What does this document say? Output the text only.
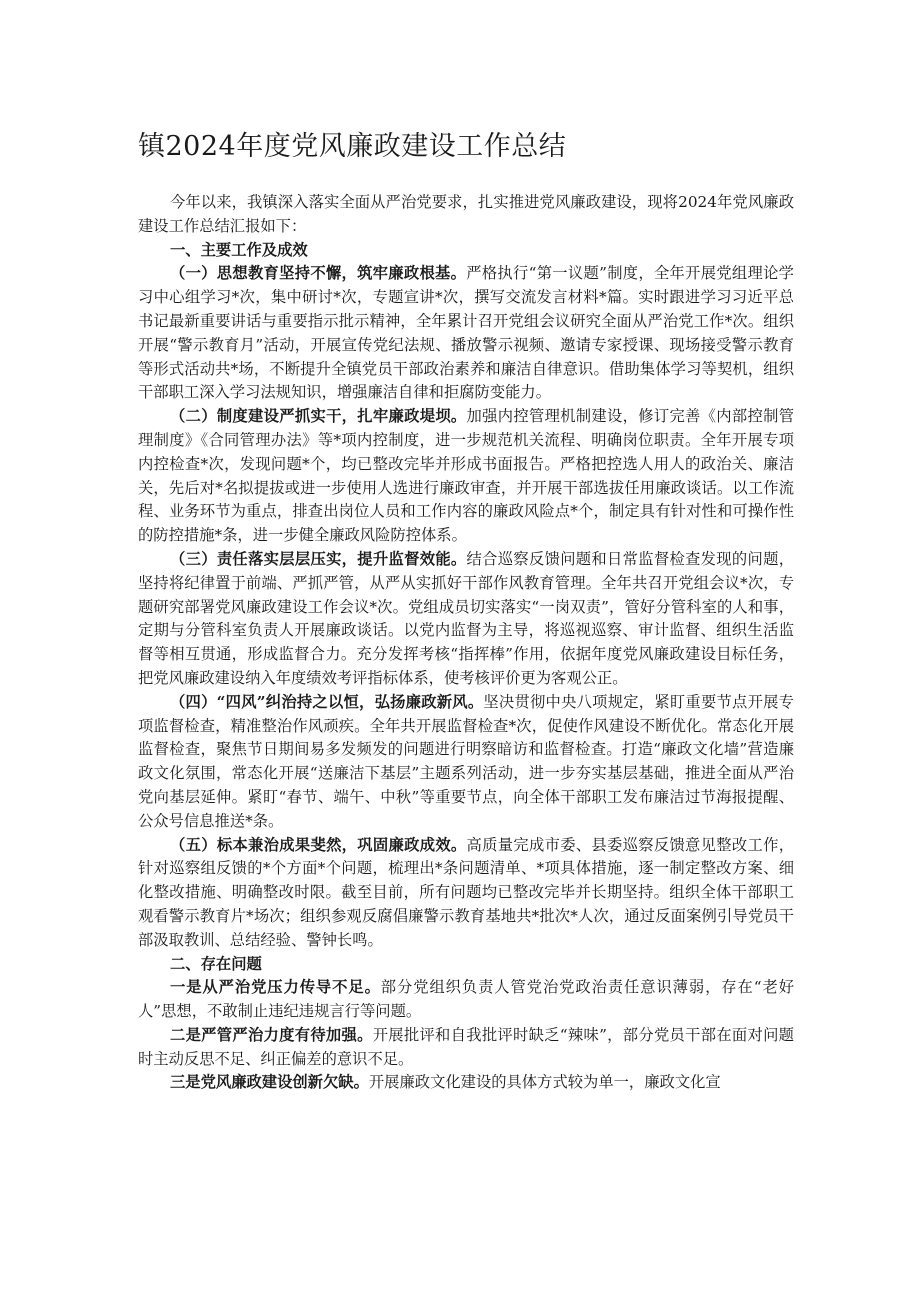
镇2024年度党风廉政建设工作总结

今年以来，我镇深入落实全面从严治党要求，扎实推进党风廉政建设，现将2024年党风廉政建设工作总结汇报如下：

一、主要工作及成效

（一）思想教育坚持不懈，筑牢廉政根基。严格执行“第一议题”制度，全年开展党组理论学习中心组学习*次，集中研讨*次，专题宣讲*次，撰写交流发言材料*篇。实时跟进学习习近平总书记最新重要讲话与重要指示批示精神，全年累计召开党组会议研究全面从严治党工作*次。组织开展“警示教育月”活动，开展宣传党纪法规、播放警示视频、邀请专家授课、现场接受警示教育等形式活动共*场，不断提升全镇党员干部政治素养和廉洁自律意识。借助集体学习等契机，组织干部职工深入学习法规知识，增强廉洁自律和拒腐防变能力。

（二）制度建设严抓实干，扎牢廉政堤坝。加强内控管理机制建设，修订完善《内部控制管理制度》《合同管理办法》等*项内控制度，进一步规范机关流程、明确岗位职责。全年开展专项内控检查*次，发现问题*个，均已整改完毕并形成书面报告。严格把控选人用人的政治关、廉洁关，先后对*名拟提拔或进一步使用人选进行廉政审查，并开展干部选拔任用廉政谈话。以工作流程、业务环节为重点，排查出岗位人员和工作内容的廉政风险点*个，制定具有针对性和可操作性的防控措施*条，进一步健全廉政风险防控体系。

（三）责任落实层层压实，提升监督效能。结合巡察反馈问题和日常监督检查发现的问题，坚持将纪律置于前端、严抓严管，从严从实抓好干部作风教育管理。全年共召开党组会议*次，专题研究部署党风廉政建设工作会议*次。党组成员切实落实“一岗双责”，管好分管科室的人和事，定期与分管科室负责人开展廉政谈话。以党内监督为主导，将巡视巡察、审计监督、组织生活监督等相互贯通，形成监督合力。充分发挥考核“指挥棒”作用，依据年度党风廉政建设目标任务，把党风廉政建设纳入年度绩效考评指标体系，使考核评价更为客观公正。

（四）“四风”纠治持之以恒，弘扬廉政新风。坚决贯彻中央八项规定，紧盯重要节点开展专项监督检查，精准整治作风顽疾。全年共开展监督检查*次，促使作风建设不断优化。常态化开展监督检查，聚焦节日期间易多发频发的问题进行明察暗访和监督检查。打造“廉政文化墙”营造廉政文化氛围，常态化开展“送廉洁下基层”主题系列活动，进一步夯实基层基础，推进全面从严治党向基层延伸。紧盯“春节、端午、中秋”等重要节点，向全体干部职工发布廉洁过节海报提醒、公众号信息推送*条。

（五）标本兼治成果斐然，巩固廉政成效。高质量完成市委、县委巡察反馈意见整改工作，针对巡察组反馈的*个方面*个问题，梳理出*条问题清单、*项具体措施，逐一制定整改方案、细化整改措施、明确整改时限。截至目前，所有问题均已整改完毕并长期坚持。组织全体干部职工观看警示教育片*场次；组织参观反腐倡廉警示教育基地共*批次*人次，通过反面案例引导党员干部汲取教训、总结经验、警钟长鸣。

二、存在问题

一是从严治党压力传导不足。部分党组织负责人管党治党政治责任意识薄弱，存在“老好人”思想，不敢制止违纪违规言行等问题。

二是严管严治力度有待加强。开展批评和自我批评时缺乏“辣味”，部分党员干部在面对问题时主动反思不足、纠正偏差的意识不足。

三是党风廉政建设创新欠缺。开展廉政文化建设的具体方式较为单一，廉政文化宣
